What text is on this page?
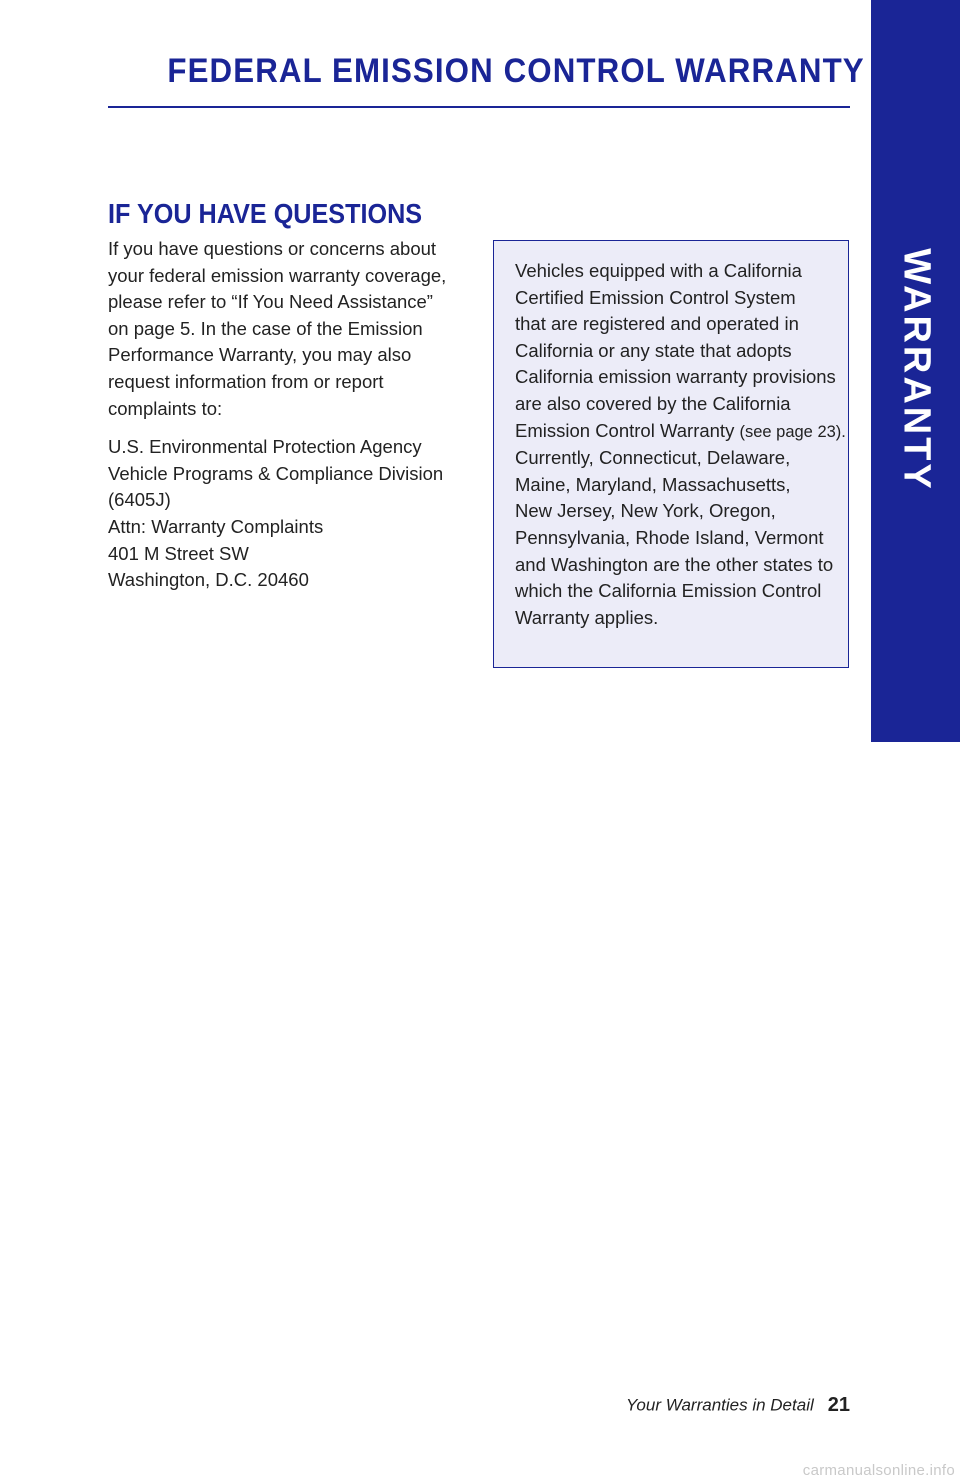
FEDERAL EMISSION CONTROL WARRANTY
WARRANTY
IF YOU HAVE QUESTIONS
If you have questions or concerns about
your federal emission warranty coverage,
please refer to “If You Need Assistance”
on page 5. In the case of the Emission
Performance Warranty, you may also
request information from or report
complaints to:
U.S. Environmental Protection Agency
Vehicle Programs & Compliance Division
(6405J)
Attn: Warranty Complaints
401 M Street SW
Washington, D.C. 20460
Vehicles equipped with a California
Certified Emission Control System
that are registered and operated in
California or any state that adopts
California emission warranty provisions
are also covered by the California
Emission Control Warranty (see page 23).
Currently, Connecticut, Delaware,
Maine, Maryland, Massachusetts,
New Jersey, New York, Oregon,
Pennsylvania, Rhode Island, Vermont
and Washington are the other states to
which the California Emission Control
Warranty applies.
Your Warranties in Detail 21
carmanualsonline.info
